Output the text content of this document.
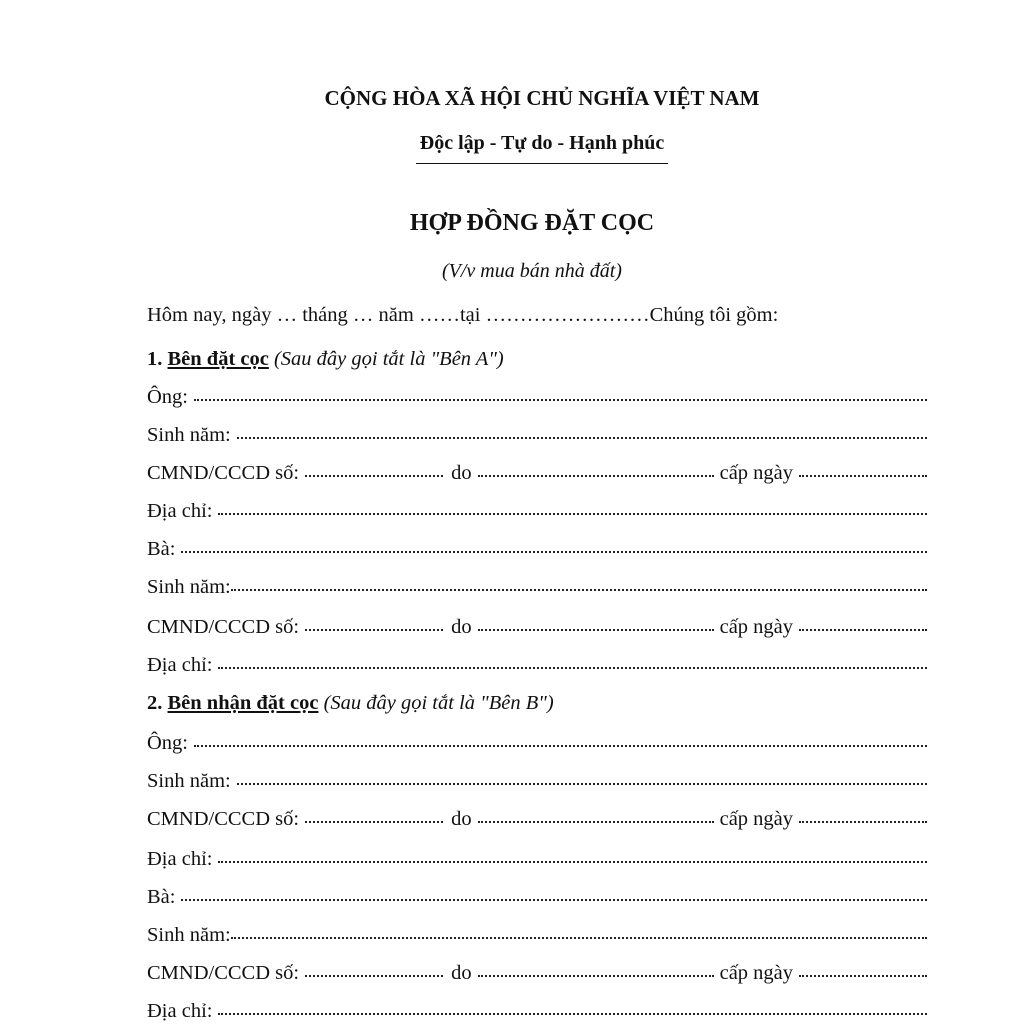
CỘNG HÒA XÃ HỘI CHỦ NGHĨA VIỆT NAM
Độc lập - Tự do - Hạnh phúc
HỢP ĐỒNG ĐẶT CỌC
(V/v mua bán nhà đất)
Hôm nay, ngày … tháng … năm ……tại ……………………Chúng tôi gồm:
1. Bên đặt cọc (Sau đây gọi tắt là "Bên A")
Ông:
Sinh năm:
CMND/CCCD số:	do	cấp ngày
Địa chỉ:
Bà:
Sinh năm:
CMND/CCCD số:	do	cấp ngày
Địa chỉ:
2. Bên nhận đặt cọc (Sau đây gọi tắt là "Bên B")
Ông:
Sinh năm:
CMND/CCCD số:	do	cấp ngày
Địa chỉ:
Bà:
Sinh năm:
CMND/CCCD số:	do	cấp ngày
Địa chỉ:
